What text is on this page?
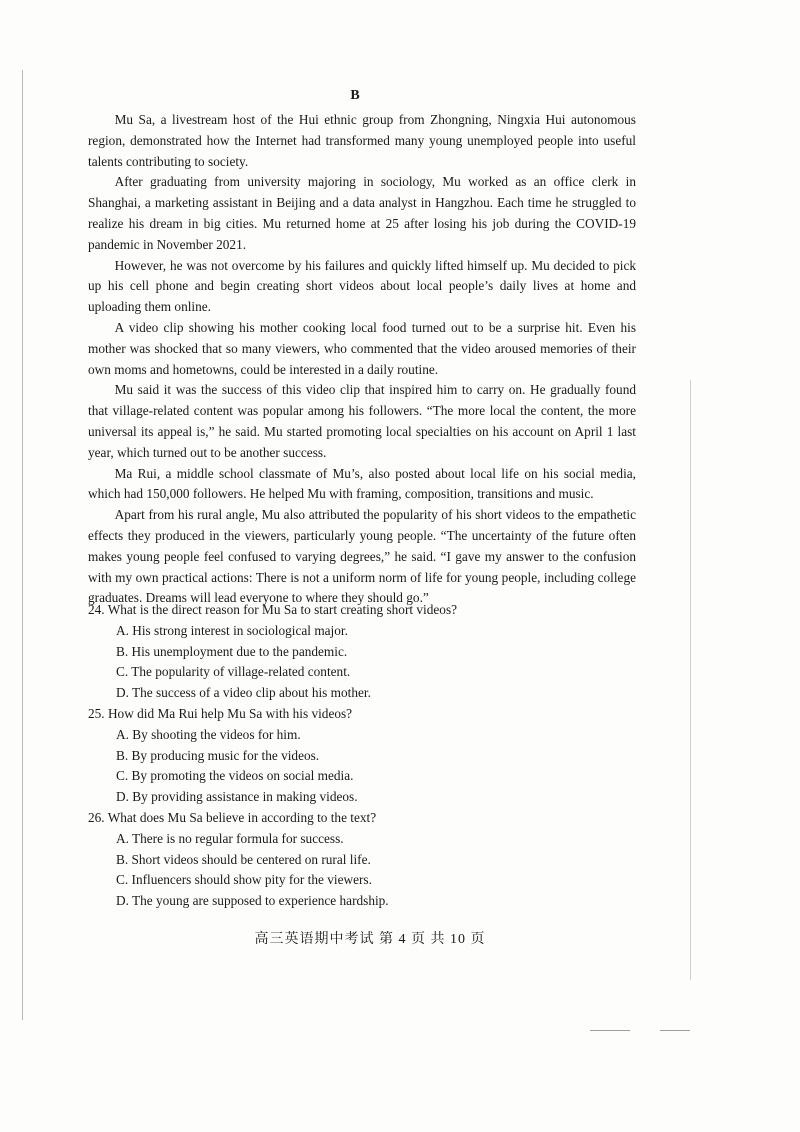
B

Mu Sa, a livestream host of the Hui ethnic group from Zhongning, Ningxia Hui autonomous region, demonstrated how the Internet had transformed many young unemployed people into useful talents contributing to society.

After graduating from university majoring in sociology, Mu worked as an office clerk in Shanghai, a marketing assistant in Beijing and a data analyst in Hangzhou. Each time he struggled to realize his dream in big cities. Mu returned home at 25 after losing his job during the COVID-19 pandemic in November 2021.

However, he was not overcome by his failures and quickly lifted himself up. Mu decided to pick up his cell phone and begin creating short videos about local people’s daily lives at home and uploading them online.

A video clip showing his mother cooking local food turned out to be a surprise hit. Even his mother was shocked that so many viewers, who commented that the video aroused memories of their own moms and hometowns, could be interested in a daily routine.

Mu said it was the success of this video clip that inspired him to carry on. He gradually found that village-related content was popular among his followers. “The more local the content, the more universal its appeal is,” he said. Mu started promoting local specialties on his account on April 1 last year, which turned out to be another success.

Ma Rui, a middle school classmate of Mu’s, also posted about local life on his social media, which had 150,000 followers. He helped Mu with framing, composition, transitions and music.

Apart from his rural angle, Mu also attributed the popularity of his short videos to the empathetic effects they produced in the viewers, particularly young people. “The uncertainty of the future often makes young people feel confused to varying degrees,” he said. “I gave my answer to the confusion with my own practical actions: There is not a uniform norm of life for young people, including college graduates. Dreams will lead everyone to where they should go.”

24. What is the direct reason for Mu Sa to start creating short videos?

A. His strong interest in sociological major.

B. His unemployment due to the pandemic.

C. The popularity of village-related content.

D. The success of a video clip about his mother.

25. How did Ma Rui help Mu Sa with his videos?

A. By shooting the videos for him.

B. By producing music for the videos.

C. By promoting the videos on social media.

D. By providing assistance in making videos.

26. What does Mu Sa believe in according to the text?

A. There is no regular formula for success.

B. Short videos should be centered on rural life.

C. Influencers should show pity for the viewers.

D. The young are supposed to experience hardship.

高三英语期中考试 第 4 页 共 10 页
